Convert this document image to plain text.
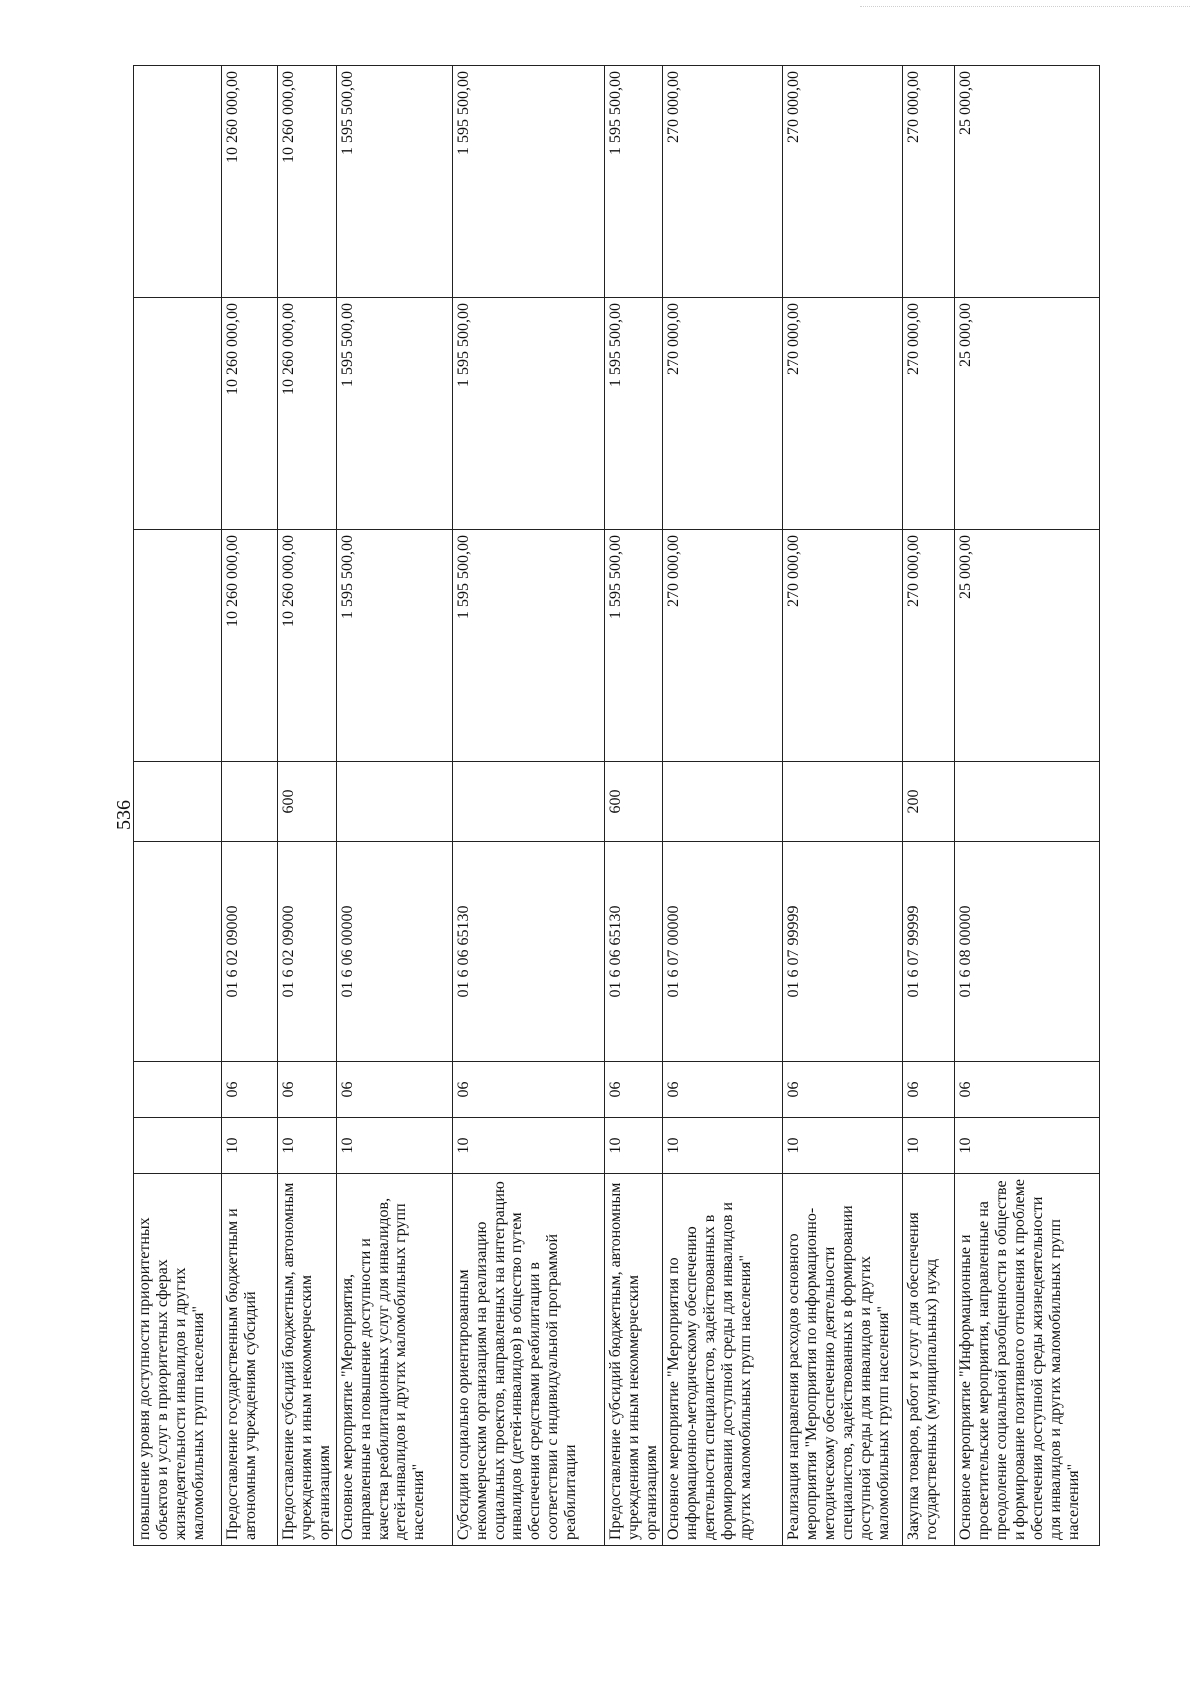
536
повышение уровня доступности приоритетных объектов и услуг в приоритетных сферах жизнедеятельности инвалидов и других маломобильных групп населения"							
Предоставление государственным бюджетным и автономным учреждениям субсидий	10	06	01 6 02 09000		10 260 000,00	10 260 000,00	10 260 000,00
Предоставление субсидий бюджетным, автономным учреждениям и иным некоммерческим организациям	10	06	01 6 02 09000	600	10 260 000,00	10 260 000,00	10 260 000,00
Основное мероприятие "Мероприятия, направленные на повышение доступности и качества реабилитационных услуг для инвалидов, детей-инвалидов и других маломобильных групп населения"	10	06	01 6 06 00000		1 595 500,00	1 595 500,00	1 595 500,00
Субсидии социально ориентированным некоммерческим организациям на реализацию социальных проектов, направленных на интеграцию инвалидов (детей-инвалидов) в общество путем обеспечения средствами реабилитации в соответствии с индивидуальной программой реабилитации	10	06	01 6 06 65130		1 595 500,00	1 595 500,00	1 595 500,00
Предоставление субсидий бюджетным, автономным учреждениям и иным некоммерческим организациям	10	06	01 6 06 65130	600	1 595 500,00	1 595 500,00	1 595 500,00
Основное мероприятие "Мероприятия по информационно-методическому обеспечению деятельности специалистов, задействованных в формировании доступной среды для инвалидов и других маломобильных групп населения"	10	06	01 6 07 00000		270 000,00	270 000,00	270 000,00
Реализация направления расходов основного мероприятия "Мероприятия по информационно-методическому обеспечению деятельности специалистов, задействованных в формировании доступной среды для инвалидов и других маломобильных групп населения"	10	06	01 6 07 99999		270 000,00	270 000,00	270 000,00
Закупка товаров, работ и услуг для обеспечения государственных (муниципальных) нужд	10	06	01 6 07 99999	200	270 000,00	270 000,00	270 000,00
Основное мероприятие "Информационные и просветительские мероприятия, направленные на преодоление социальной разобщенности в обществе и формирование позитивного отношения к проблеме обеспечения доступной среды жизнедеятельности для инвалидов и других маломобильных групп населения"	10	06	01 6 08 00000		25 000,00	25 000,00	25 000,00
